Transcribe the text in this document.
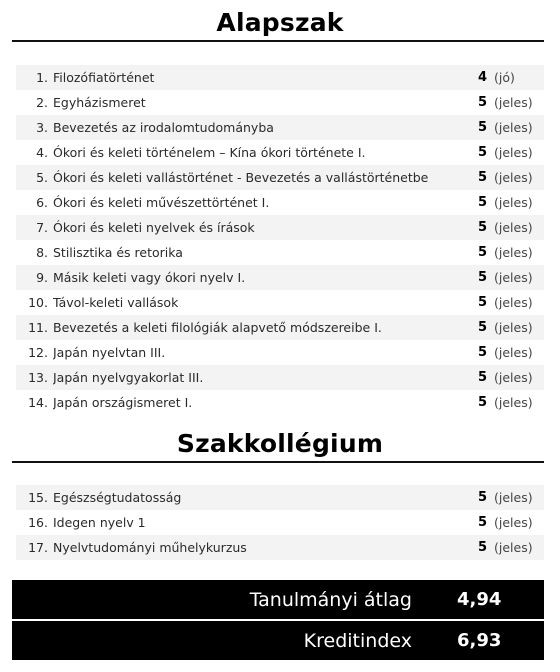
Alapszak
1. Filozófiatörténet	4 (jó)
2. Egyházismeret	5 (jeles)
3. Bevezetés az irodalomtudományba	5 (jeles)
4. Ókori és keleti történelem – Kína ókori története I.	5 (jeles)
5. Ókori és keleti vallástörténet - Bevezetés a vallástörténetbe	5 (jeles)
6. Ókori és keleti művészettörténet I.	5 (jeles)
7. Ókori és keleti nyelvek és írások	5 (jeles)
8. Stilisztika és retorika	5 (jeles)
9. Másik keleti vagy ókori nyelv I.	5 (jeles)
10. Távol-keleti vallások	5 (jeles)
11. Bevezetés a keleti filológiák alapvető módszereibe I.	5 (jeles)
12. Japán nyelvtan III.	5 (jeles)
13. Japán nyelvgyakorlat III.	5 (jeles)
14. Japán országismeret I.	5 (jeles)
Szakkollégium
15. Egészségtudatosság	5 (jeles)
16. Idegen nyelv 1	5 (jeles)
17. Nyelvtudományi műhelykurzus	5 (jeles)
Tanulmányi átlag	4,94
Kreditindex	6,93
